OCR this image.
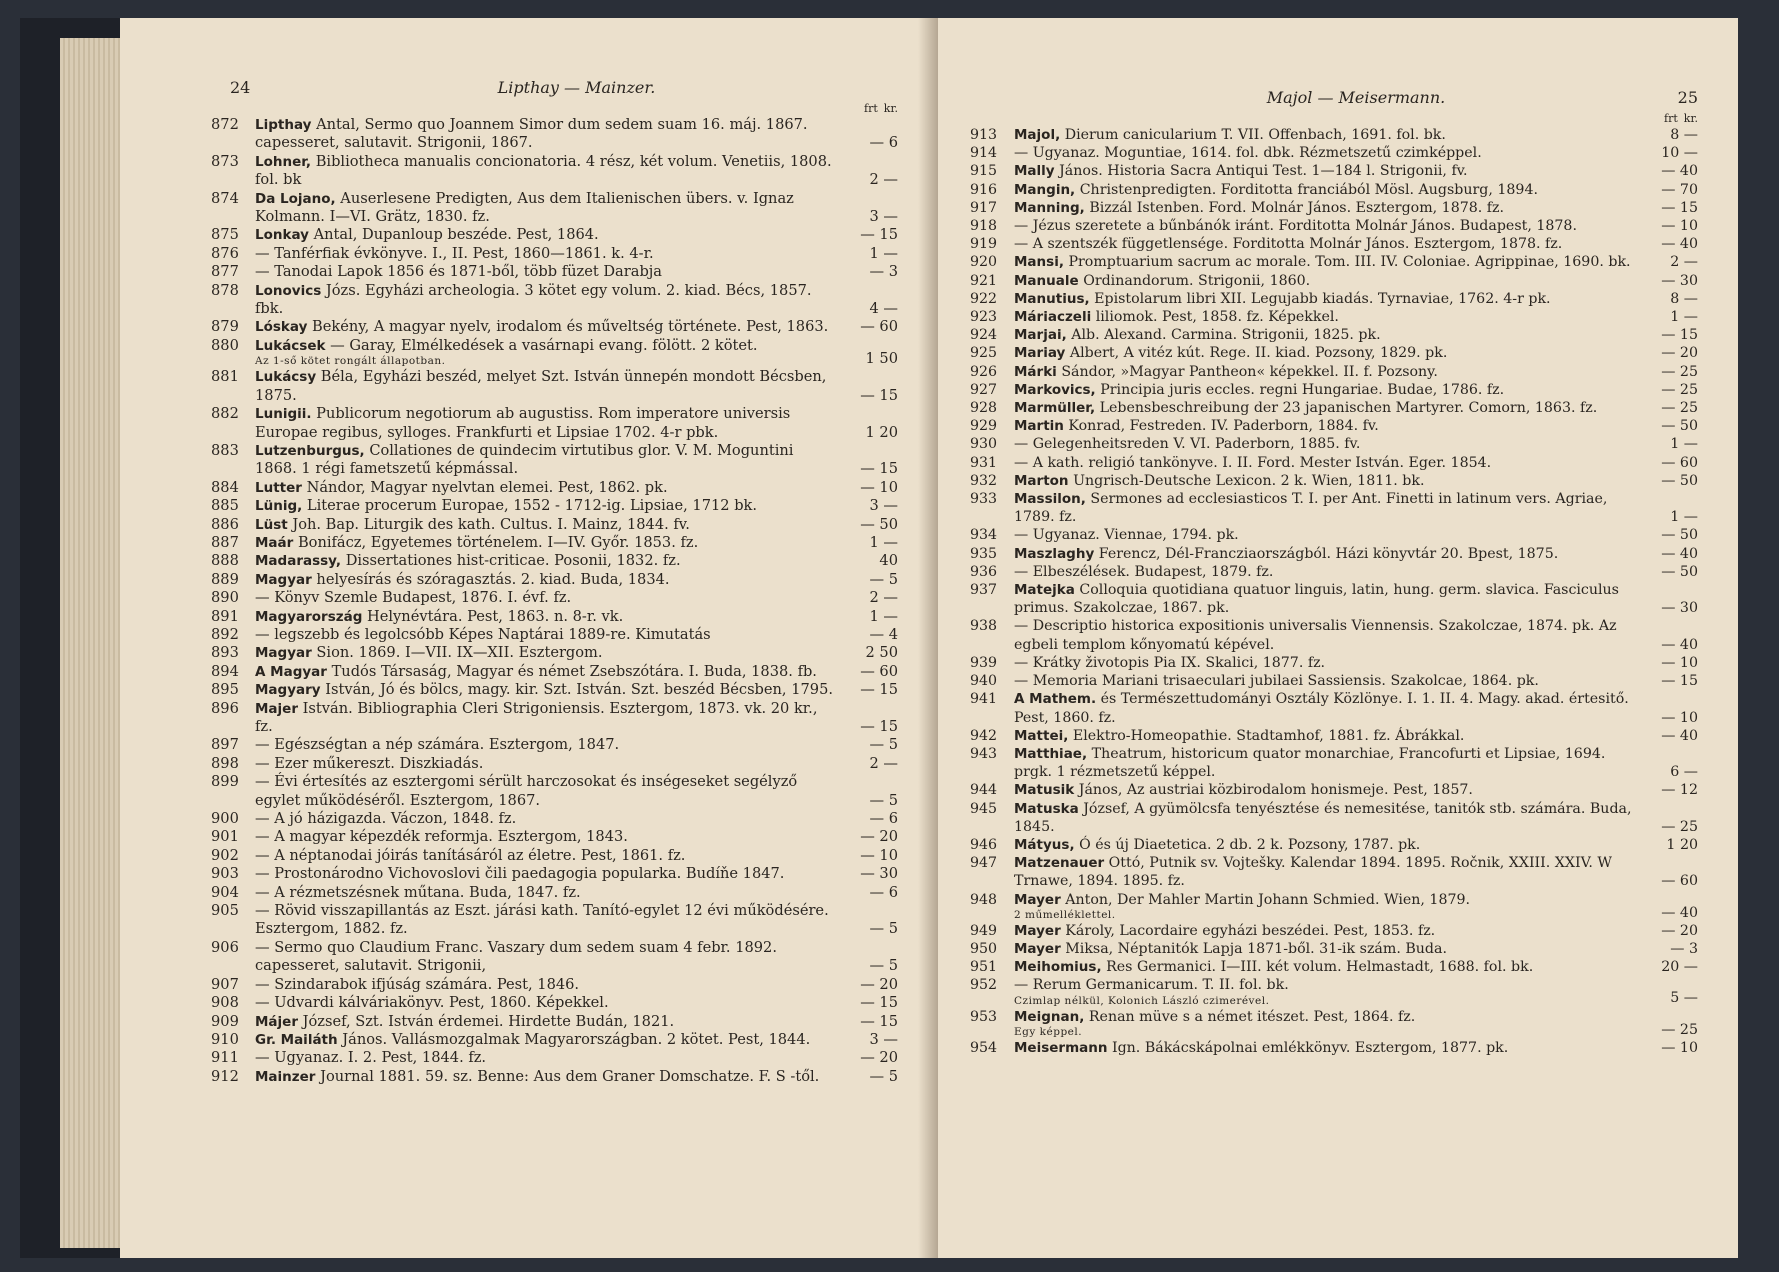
24	Lipthay — Mainzer.
frt kr.
872	Lipthay Antal, Sermo quo Joannem Simor dum sedem suam 16. máj. 1867. capesseret, salutavit. Strigonii, 1867.	— 6
873	Lohner, Bibliotheca manualis concionatoria. 4 rész, két volum. Venetiis, 1808. fol. bk	2 —
874	Da Lojano, Auserlesene Predigten, Aus dem Italienischen übers. v. Ignaz Kolmann. I—VI. Grätz, 1830. fz.	3 —
875	Lonkay Antal, Dupanloup beszéde. Pest, 1864.	— 15
876	— Tanférfiak évkönyve. I., II. Pest, 1860—1861. k. 4-r.	1 —
877	— Tanodai Lapok 1856 és 1871-ből, több füzet Darabja	— 3
878	Lonovics Józs. Egyházi archeologia. 3 kötet egy volum. 2. kiad. Bécs, 1857. fbk.	4 —
879	Lóskay Bekény, A magyar nyelv, irodalom és műveltség története. Pest, 1863.	— 60
880	Lukácsek — Garay, Elmélkedések a vasárnapi evang. fölött. 2 kötet.
Az 1-ső kötet rongált állapotban.	1 50
881	Lukácsy Béla, Egyházi beszéd, melyet Szt. István ünnepén mondott Bécsben, 1875.	— 15
882	Lunigii. Publicorum negotiorum ab augustiss. Rom imperatore universis Europae regibus, sylloges. Frankfurti et Lipsiae 1702. 4-r pbk.	1 20
883	Lutzenburgus, Collationes de quindecim virtutibus glor. V. M. Moguntini 1868. 1 régi fametszetű képmással.	— 15
884	Lutter Nándor, Magyar nyelvtan elemei. Pest, 1862. pk.	— 10
885	Lünig, Literae procerum Europae, 1552 - 1712-ig. Lipsiae, 1712 bk.	3 —
886	Lüst Joh. Bap. Liturgik des kath. Cultus. I. Mainz, 1844. fv.	— 50
887	Maár Bonifácz, Egyetemes történelem. I—IV. Győr. 1853. fz.	1 —
888	Madarassy, Dissertationes hist-criticae. Posonii, 1832. fz.	40
889	Magyar helyesírás és szóragasztás. 2. kiad. Buda, 1834.	— 5
890	— Könyv Szemle Budapest, 1876. I. évf. fz.	2 —
891	Magyarország Helynévtára. Pest, 1863. n. 8-r. vk.	1 —
892	— legszebb és legolcsóbb Képes Naptárai 1889-re. Kimutatás	— 4
893	Magyar Sion. 1869. I—VII. IX—XII. Esztergom.	2 50
894	A Magyar Tudós Társaság, Magyar és német Zsebszótára. I. Buda, 1838. fb.	— 60
895	Magyary István, Jó és bölcs, magy. kir. Szt. István. Szt. beszéd Bécsben, 1795.	— 15
896	Majer István. Bibliographia Cleri Strigoniensis. Esztergom, 1873. vk. 20 kr., fz.	— 15
897	— Egészségtan a nép számára. Esztergom, 1847.	— 5
898	— Ezer műkereszt. Diszkiadás.	2 —
899	— Évi értesítés az esztergomi sérült harczosokat és inségeseket segélyző egylet működéséről. Esztergom, 1867.	— 5
900	— A jó házigazda. Váczon, 1848. fz.	— 6
901	— A magyar képezdék reformja. Esztergom, 1843.	— 20
902	— A néptanodai jóirás tanításáról az életre. Pest, 1861. fz.	— 10
903	— Prostonárodno Vichovoslovi čili paedagogia popularka. Budíňe 1847.	— 30
904	— A rézmetszésnek műtana. Buda, 1847. fz.	— 6
905	— Rövid visszapillantás az Eszt. járási kath. Tanító-egylet 12 évi működésére. Esztergom, 1882. fz.	— 5
906	— Sermo quo Claudium Franc. Vaszary dum sedem suam 4 febr. 1892. capesseret, salutavit. Strigonii,	— 5
907	— Szindarabok ifjúság számára. Pest, 1846.	— 20
908	— Udvardi kálváriakönyv. Pest, 1860. Képekkel.	— 15
909	Májer József, Szt. István érdemei. Hirdette Budán, 1821.	— 15
910	Gr. Mailáth János. Vallásmozgalmak Magyarországban. 2 kötet. Pest, 1844.	3 —
911	— Ugyanaz. I. 2. Pest, 1844. fz.	— 20
912	Mainzer Journal 1881. 59. sz. Benne: Aus dem Graner Domschatze. F. S -től.	— 5
Majol — Meisermann.	25
frt kr.
913	Majol, Dierum canicularium T. VII. Offenbach, 1691. fol. bk.	8 —
914	— Ugyanaz. Moguntiae, 1614. fol. dbk. Rézmetszetű czimképpel.	10 —
915	Mally János. Historia Sacra Antiqui Test. 1—184 l. Strigonii, fv.	— 40
916	Mangin, Christenpredigten. Forditotta franciából Mösl. Augsburg, 1894.	— 70
917	Manning, Bizzál Istenben. Ford. Molnár János. Esztergom, 1878. fz.	— 15
918	— Jézus szeretete a bűnbánók iránt. Forditotta Molnár János. Budapest, 1878.	— 10
919	— A szentszék függetlensége. Forditotta Molnár János. Esztergom, 1878. fz.	— 40
920	Mansi, Promptuarium sacrum ac morale. Tom. III. IV. Coloniae. Agrippinae, 1690. bk.	2 —
921	Manuale Ordinandorum. Strigonii, 1860.	— 30
922	Manutius, Epistolarum libri XII. Legujabb kiadás. Tyrnaviae, 1762. 4-r pk.	8 —
923	Máriaczeli liliomok. Pest, 1858. fz. Képekkel.	1 —
924	Marjai, Alb. Alexand. Carmina. Strigonii, 1825. pk.	— 15
925	Mariay Albert, A vitéz kút. Rege. II. kiad. Pozsony, 1829. pk.	— 20
926	Márki Sándor, »Magyar Pantheon« képekkel. II. f. Pozsony.	— 25
927	Markovics, Principia juris eccles. regni Hungariae. Budae, 1786. fz.	— 25
928	Marmüller, Lebensbeschreibung der 23 japanischen Martyrer. Comorn, 1863. fz.	— 25
929	Martin Konrad, Festreden. IV. Paderborn, 1884. fv.	— 50
930	— Gelegenheitsreden V. VI. Paderborn, 1885. fv.	1 —
931	— A kath. religió tankönyve. I. II. Ford. Mester István. Eger. 1854.	— 60
932	Marton Ungrisch-Deutsche Lexicon. 2 k. Wien, 1811. bk.	— 50
933	Massilon, Sermones ad ecclesiasticos T. I. per Ant. Finetti in latinum vers. Agriae, 1789. fz.	1 —
934	— Ugyanaz. Viennae, 1794. pk.	— 50
935	Maszlaghy Ferencz, Dél-Francziaországból. Házi könyvtár 20. Bpest, 1875.	— 40
936	— Elbeszélések. Budapest, 1879. fz.	— 50
937	Matejka Colloquia quotidiana quatuor linguis, latin, hung. germ. slavica. Fasciculus primus. Szakolczae, 1867. pk.	— 30
938	— Descriptio historica expositionis universalis Viennensis. Szakolczae, 1874. pk. Az egbeli templom kőnyomatú képével.	— 40
939	— Krátky životopis Pia IX. Skalici, 1877. fz.	— 10
940	— Memoria Mariani trisaeculari jubilaei Sassiensis. Szakolcae, 1864. pk.	— 15
941	A Mathem. és Természettudományi Osztály Közlönye. I. 1. II. 4. Magy. akad. értesitő. Pest, 1860. fz.	— 10
942	Mattei, Elektro-Homeopathie. Stadtamhof, 1881. fz. Ábrákkal.	— 40
943	Matthiae, Theatrum, historicum quator monarchiae, Francofurti et Lipsiae, 1694. prgk. 1 rézmetszetű képpel.	6 —
944	Matusik János, Az austriai közbirodalom honismeje. Pest, 1857.	— 12
945	Matuska József, A gyümölcsfa tenyésztése és nemesitése, tanitók stb. számára. Buda, 1845.	— 25
946	Mátyus, Ó és új Diaetetica. 2 db. 2 k. Pozsony, 1787. pk.	1 20
947	Matzenauer Ottó, Putnik sv. Vojtešky. Kalendar 1894. 1895. Ročnik, XXIII. XXIV. W Trnawe, 1894. 1895. fz.	— 60
948	Mayer Anton, Der Mahler Martin Johann Schmied. Wien, 1879.
2 műmelléklettel.	— 40
949	Mayer Károly, Lacordaire egyházi beszédei. Pest, 1853. fz.	— 20
950	Mayer Miksa, Néptanitók Lapja 1871-ből. 31-ik szám. Buda.	— 3
951	Meihomius, Res Germanici. I—III. két volum. Helmastadt, 1688. fol. bk.	20 —
952	— Rerum Germanicarum. T. II. fol. bk.
Czimlap nélkül, Kolonich László czimerével.	5 —
953	Meignan, Renan müve s a német itészet. Pest, 1864. fz.
Egy képpel.	— 25
954	Meisermann Ign. Bákácskápolnai emlékkönyv. Esztergom, 1877. pk.	— 10
